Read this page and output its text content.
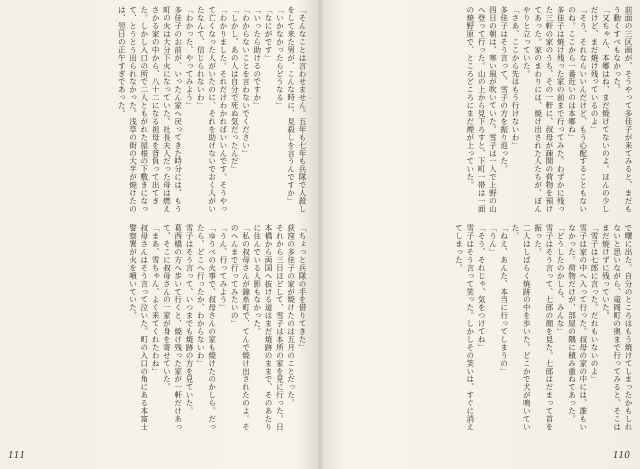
「そんなことは言わせません。五年も七年も兵隊で人殺しをして来た男が、こんな時に、見殺しを言うんですか」
「いかなかったらどうなる」
「なにがです」
「いったら助けるのですか」
「わからないことを言わないでください」
「しかし、あの人は自分で死ぬ気だったんだ」
「わかりました。それだけわかればいいんです。そうやって亡くなった人がいたのに、それを助けないでおく人がいたなんて、信じられないわ」
「わかった、やってみよう」
多佳子のお前が、いったん家へ戻ってきた時分には、もう町の火は大分下火になっていた。社長夫人だった母は燃えさかる家の中から、八十二になる祖母を背負って出てきた。しかし入口の所で二人ともがれた屋根の下敷きになって、とうとう出られなかった。浅草の街の大半が焼けたのは、翌日の正午すぎであった。
「ちょっと兵隊の手を借りてきた」
荻窪の多佳子の家が焼けたのは五月のことだった。
それから三日ほどして、雪子は本所の家を見に行った。日本橋から両国へ抜ける道はまだ焼跡のままで、そのあたりに住んでいる人影もなかった。
「私の叔母さんが錦糸町で、てんで焼け出されたのよ。そのへんまで行ってみたいの」
「うん、行ってみよう」
「ゆうべの火事で、叔母さんの家も焼けたのかしら。だったら、どこへ行ったか、わからないわ」
雪子はそう言って、いつまでも焼跡の方を見ていた。
葛西橋の方へ歩いて行くと、焼け残った家が一軒だけあって、そこに叔母さんの一家が身を寄せていた。
「まあ、雪ちゃん、よく来てくれたわね」
叔母さんはそう言って泣いた。町の入口の角にある本富士警察署が火を噴いていた。
111
前面の三区画が、そうやって多佳子が来てみると、まだもう動くすべもなかった。
「又ちゃん、本郷はね、まだ焼けてないのよ。ほんの少しだけど、まだ焼け残っているのよ」
「そう、それならいいんだけど、もう心配することもないのね。ここから一番近いのは本郷ね」
多佳子は焼け残った家の前まで行ってみた。わずかに残った三軒の家のうち、その一軒に、叔母が疎開の荷物を預けてあった。家のまわりには、焼け出された人たちが、ぼんやりと立っていた。
「さあ、ここから先はもう行けないわ」
多佳子はそう言って、雪子の方を振り返った。
四日の朝は、寒い風が吹いていた。雪子は一人で上野の山へ登って行った。山の上から見下ろすと、下町一帯は一面の焼野原で、ところどころにまだ煙が上っていた。
で曙に出た。自分のところはもう焼けてしまったかもしれないと思いながら、竜岡町の奥まで行ってみると、そこはまだ焼けずに残っていた。
「雪子は七郎に言った。だれもいないのよ」
雪子は家の中へ入って行った。叔母の家の中には、誰もいなかった。荷物だけが、部屋の隅に積み重ねてあった。
「どうしたのかしら、みんな」
雪子はそう言って、七郎の顔を見た。七郎はだまって首を振った。
二人はしばらく焼跡の中を歩いた。どこかで犬が鳴いていた。
「ねえ、あんた、本当に行ってしまうの」
「うん」
「そう、それじゃ、気をつけてね」
雪子はそう言って笑った。しかしその笑いは、すぐに消えてしまった。
110
